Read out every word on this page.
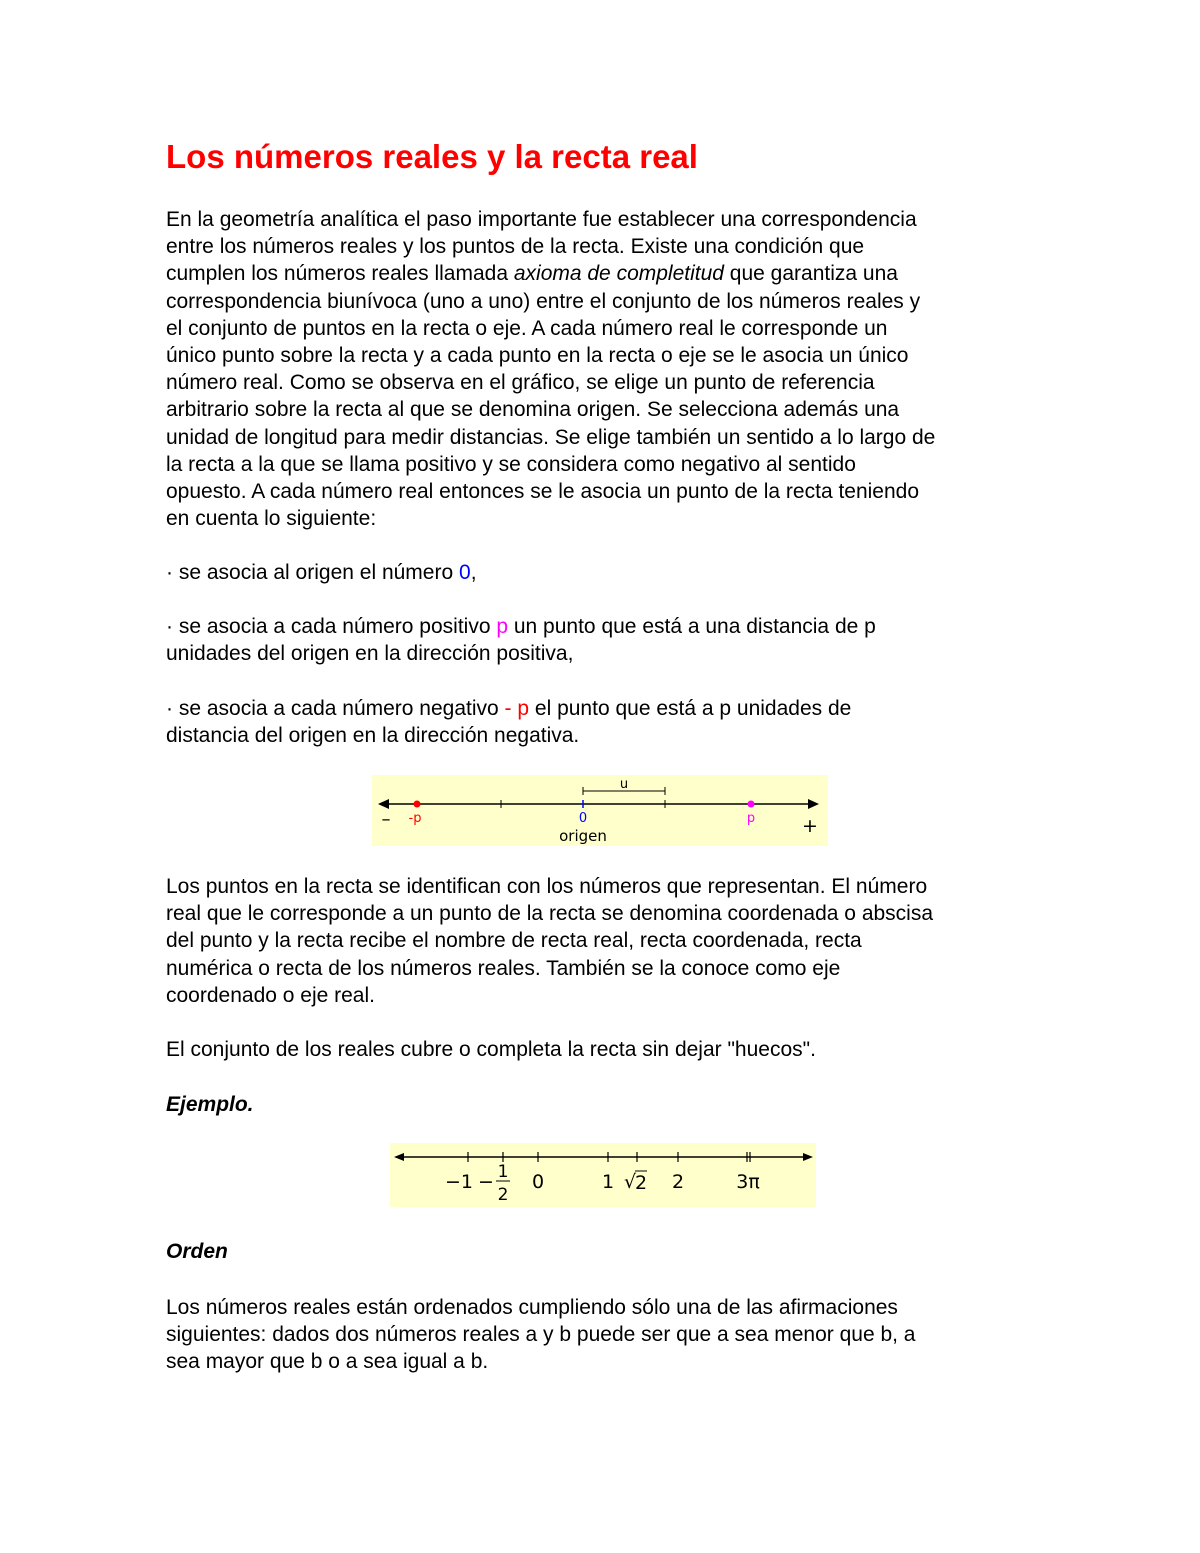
Los números reales y la recta real

En la geometría analítica el paso importante fue establecer una correspondencia
entre los números reales y los puntos de la recta. Existe una condición que
cumplen los números reales llamada axioma de completitud que garantiza una
correspondencia biunívoca (uno a uno) entre el conjunto de los números reales y
el conjunto de puntos en la recta o eje. A cada número real le corresponde un
único punto sobre la recta y a cada punto en la recta o eje se le asocia un único
número real. Como se observa en el gráfico, se elige un punto de referencia
arbitrario sobre la recta al que se denomina origen. Se selecciona además una
unidad de longitud para medir distancias. Se elige también un sentido a lo largo de
la recta a la que se llama positivo y se considera como negativo al sentido
opuesto. A cada número real entonces se le asocia un punto de la recta teniendo
en cuenta lo siguiente:

· se asocia al origen el número 0,

· se asocia a cada número positivo p un punto que está a una distancia de p
unidades del origen en la dirección positiva,

· se asocia a cada número negativo - p el punto que está a p unidades de
distancia del origen en la dirección negativa.

u
-p	0	p
origen
–	+

Los puntos en la recta se identifican con los números que representan. El número
real que le corresponde a un punto de la recta se denomina coordenada o abscisa
del punto y la recta recibe el nombre de recta real, recta coordenada, recta
numérica o recta de los números reales. También se la conoce como eje
coordenado o eje real.

El conjunto de los reales cubre o completa la recta sin dejar "huecos".

Ejemplo.

−1 − 1
2
0	1 √
2 2	3π

Orden

Los números reales están ordenados cumpliendo sólo una de las afirmaciones
siguientes: dados dos números reales a y b puede ser que a sea menor que b, a
sea mayor que b o a sea igual a b.
